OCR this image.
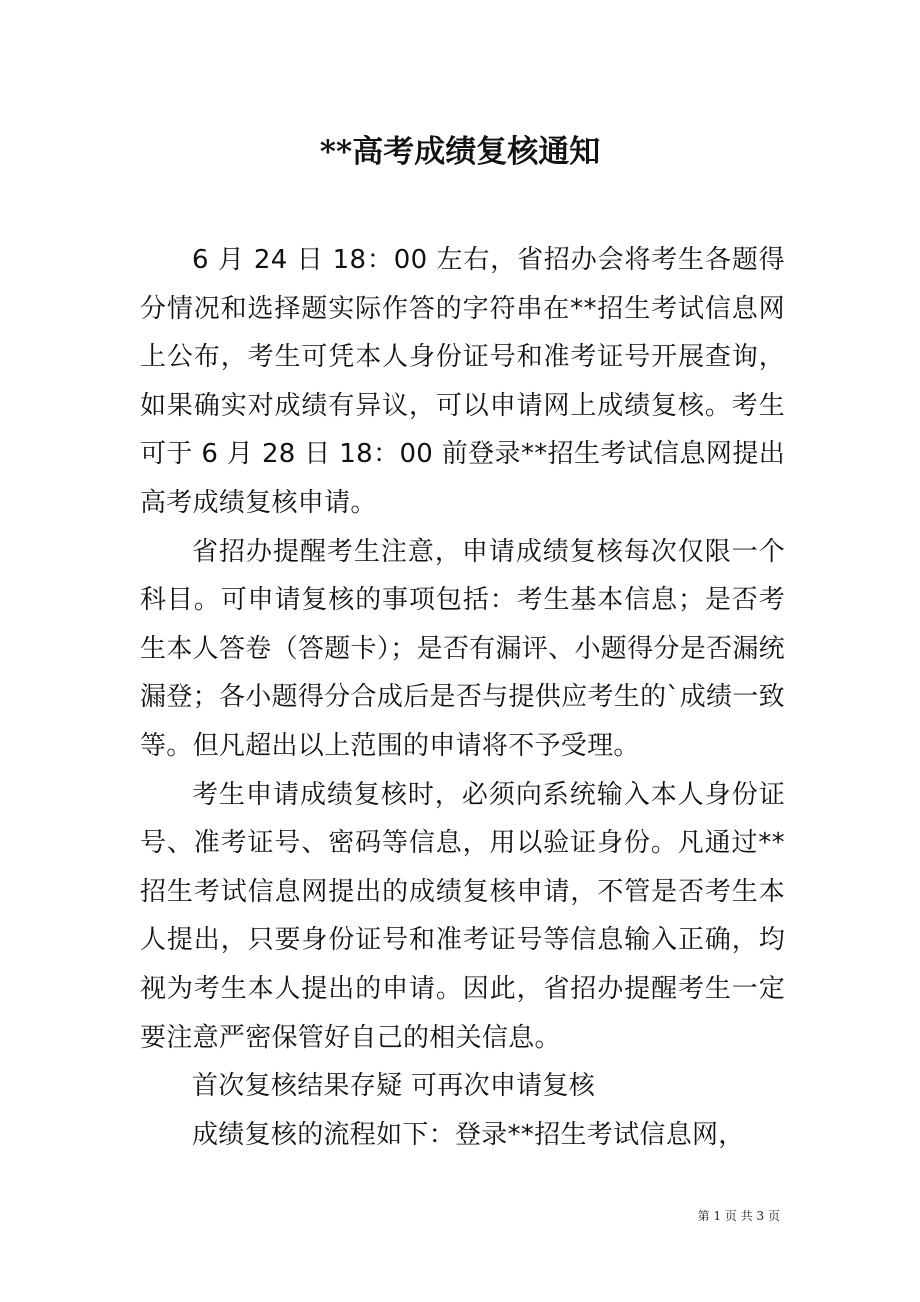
**高考成绩复核通知

6 月 24 日 18：00 左右，省招办会将考生各题得分情况和选择题实际作答的字符串在**招生考试信息网上公布，考生可凭本人身份证号和准考证号开展查询，如果确实对成绩有异议，可以申请网上成绩复核。考生可于 6 月 28 日 18：00 前登录**招生考试信息网提出高考成绩复核申请。

省招办提醒考生注意，申请成绩复核每次仅限一个科目。可申请复核的事项包括：考生基本信息；是否考生本人答卷（答题卡）；是否有漏评、小题得分是否漏统漏登；各小题得分合成后是否与提供应考生的`成绩一致等。但凡超出以上范围的申请将不予受理。

考生申请成绩复核时，必须向系统输入本人身份证号、准考证号、密码等信息，用以验证身份。凡通过**招生考试信息网提出的成绩复核申请，不管是否考生本人提出，只要身份证号和准考证号等信息输入正确，均视为考生本人提出的申请。因此，省招办提醒考生一定要注意严密保管好自己的相关信息。

首次复核结果存疑 可再次申请复核

成绩复核的流程如下：登录**招生考试信息网，

第 1 页 共 3 页
